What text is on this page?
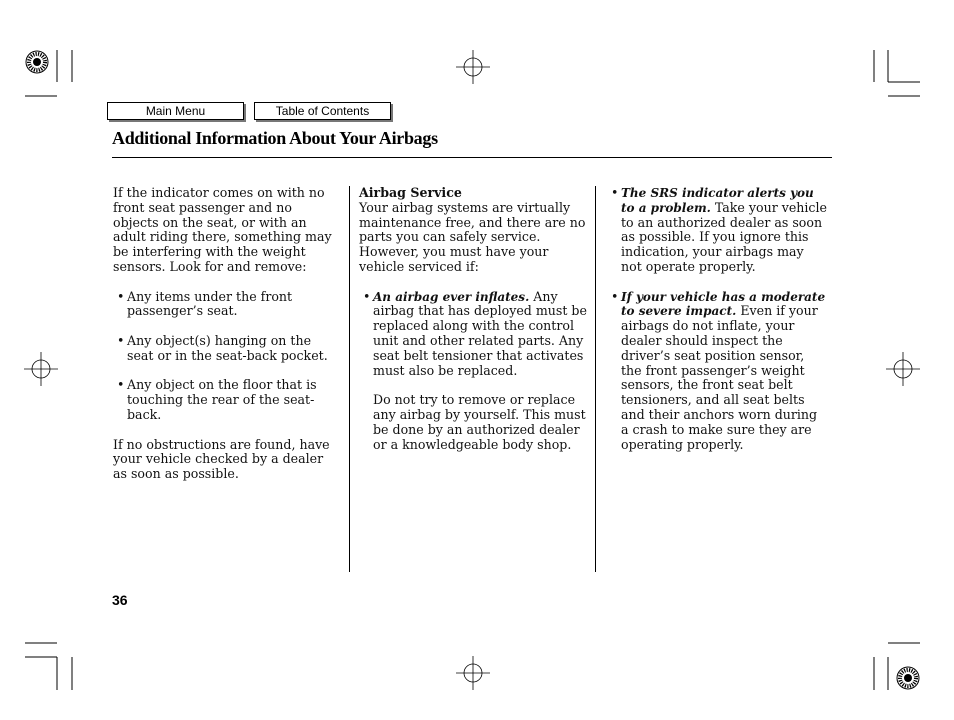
Main Menu	Table of Contents
Additional Information About Your Airbags

If the indicator comes on with no front seat passenger and no objects on the seat, or with an adult riding there, something may be interfering with the weight sensors. Look for and remove:

• Any items under the front passenger’s seat.
• Any object(s) hanging on the seat or in the seat-back pocket.
• Any object on the floor that is touching the rear of the seat-back.

If no obstructions are found, have your vehicle checked by a dealer as soon as possible.

Airbag Service

Your airbag systems are virtually maintenance free, and there are no parts you can safely service. However, you must have your vehicle serviced if:

• An airbag ever inflates. Any airbag that has deployed must be replaced along with the control unit and other related parts. Any seat belt tensioner that activates must also be replaced.

Do not try to remove or replace any airbag by yourself. This must be done by an authorized dealer or a knowledgeable body shop.

• The SRS indicator alerts you to a problem. Take your vehicle to an authorized dealer as soon as possible. If you ignore this indication, your airbags may not operate properly.
• If your vehicle has a moderate to severe impact. Even if your airbags do not inflate, your dealer should inspect the driver’s seat position sensor, the front passenger’s weight sensors, the front seat belt tensioners, and all seat belts and their anchors worn during a crash to make sure they are operating properly.
36
